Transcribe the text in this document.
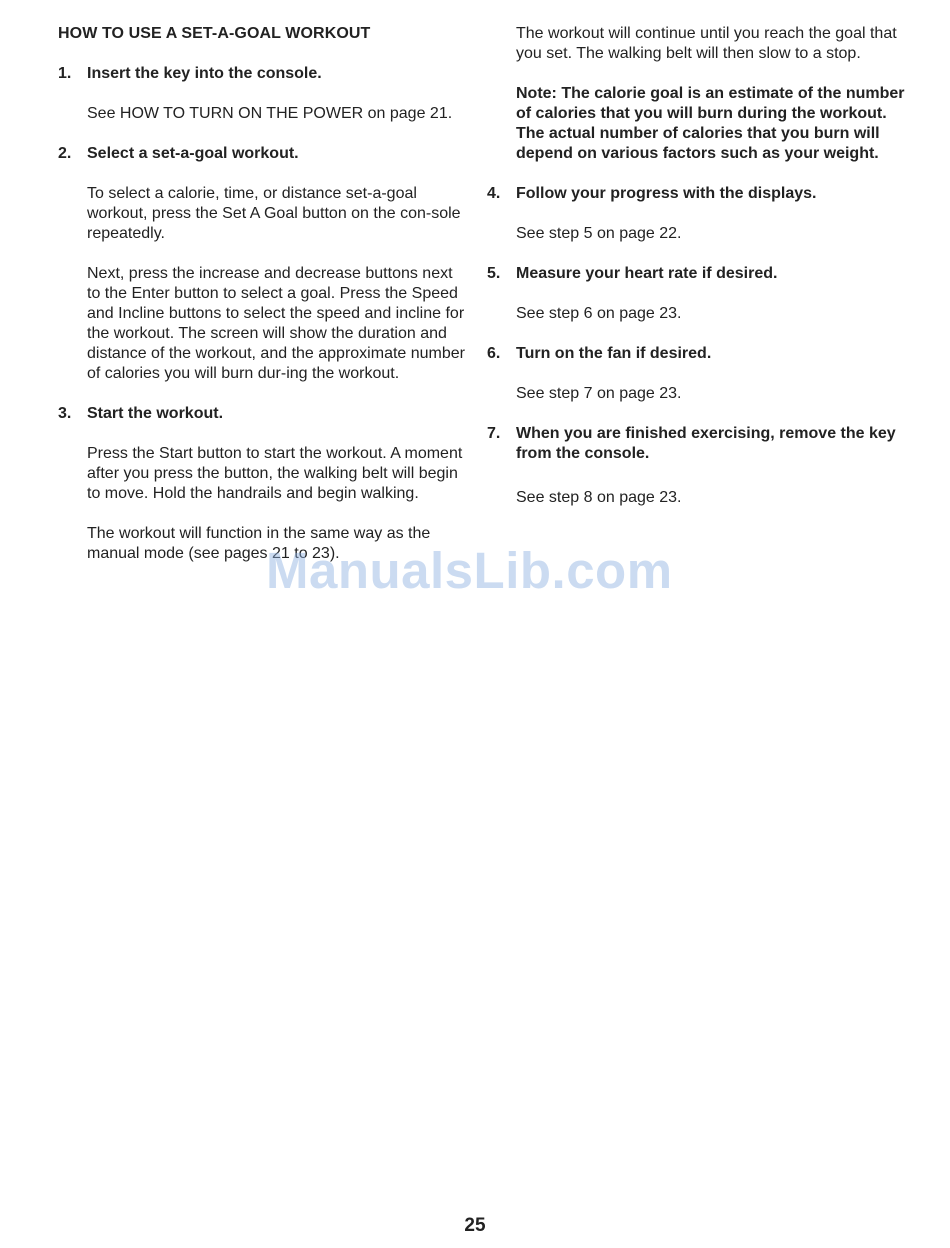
HOW TO USE A SET-A-GOAL WORKOUT
1. Insert the key into the console.

See HOW TO TURN ON THE POWER on page 21.

2. Select a set-a-goal workout.

To select a calorie, time, or distance set-a-goal workout, press the Set A Goal button on the con-sole repeatedly.

Next, press the increase and decrease buttons next to the Enter button to select a goal. Press the Speed and Incline buttons to select the speed and incline for the workout. The screen will show the duration and distance of the workout, and the approximate number of calories you will burn dur-ing the workout.

3. Start the workout.

Press the Start button to start the workout. A moment after you press the button, the walking belt will begin to move. Hold the handrails and begin walking.

The workout will function in the same way as the manual mode (see pages 21 to 23).

The workout will continue until you reach the goal that you set. The walking belt will then slow to a stop.

Note: The calorie goal is an estimate of the number of calories that you will burn during the workout. The actual number of calories that you burn will depend on various factors such as your weight.

4. Follow your progress with the displays.

See step 5 on page 22.

5. Measure your heart rate if desired.

See step 6 on page 23.

6. Turn on the fan if desired.

See step 7 on page 23.

7. When you are finished exercising, remove the key from the console.

See step 8 on page 23.

ManualsLib.com
25
